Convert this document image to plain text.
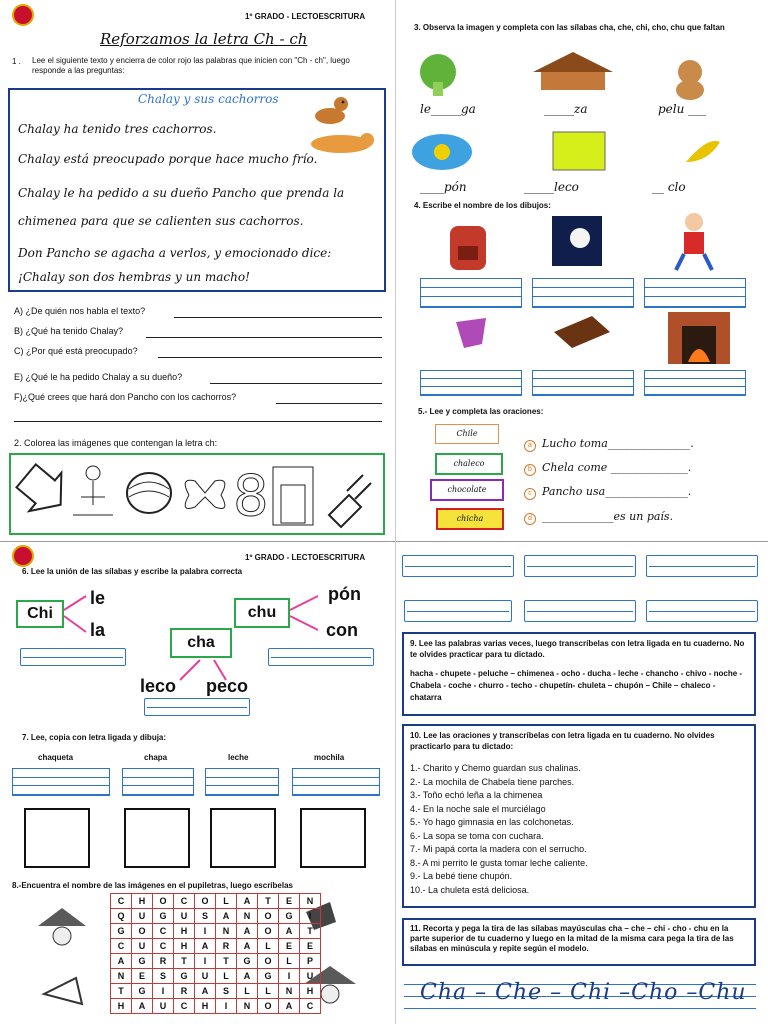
1º GRADO - LECTOESCRITURA
Reforzamos la letra Ch - ch
1 . Lee el siguiente texto y encierra de color rojo las palabras que inicien con "Ch - ch", luego responde a las preguntas:
Chalay y sus cachorros
Chalay ha tenido tres cachorros.
Chalay está preocupado porque hace mucho frío.
Chalay le ha pedido a su dueño Pancho que prenda la
chimenea para que se calienten sus cachorros.
Don Pancho se agacha a verlos, y emocionado dice:
¡Chalay son dos hembras y un macho!
A) ¿De quién nos habla el texto?
B) ¿Qué ha tenido Chalay?
C) ¿Por qué está preocupado?
E) ¿Qué le ha pedido Chalay a su dueño?
F)¿Qué crees que hará don Pancho con los cachorros?
2. Colorea las imágenes que contengan la letra ch:
8
3. Observa la imagen y completa con las sílabas cha, che, chi, cho, chu que faltan
le_____ga	_____za	pelu ___
____pón	_____leco	__ clo
4. Escribe el nombre de los dibujos:
5.- Lee y completa las oraciones:
Chile
chaleco
chocolate
chicha
a Lucho toma_______________.
b Chela come ______________.
c Pancho usa_______________.
d _____________es un país.
1º GRADO - LECTOESCRITURA
6. Lee la unión de las sílabas y escribe la palabra correcta
Chi
le
la
cha
leco peco
chu
pón
con
7. Lee, copia con letra ligada y dibuja:
chaqueta	chapa	leche	mochila
8.-Encuentra el nombre de las imágenes en el pupiletras, luego escríbelas
C	H	O	C	O	L	A	T	E	N
Q	U	G	U	S	A	N	O	G	I
G	O	C	H	I	N	A	O	A	T
C	U	C	H	A	R	A	L	E	E
A	G	R	T	I	T	G	O	L	P
N	E	S	G	U	L	A	G	I	U
T	G	I	R	A	S	L	L	N	H
H	A	U	C	H	I	N	O	A	C
9. Lee las palabras varias veces, luego transcríbelas con letra ligada en tu cuaderno. No te olvides practicar para tu dictado.
hacha - chupete - peluche – chimenea - ocho - ducha - leche - chancho - chivo - noche - Chabela - coche - churro - techo - chupetín- chuleta – chupón – Chile – chaleco - chatarra
10. Lee las oraciones y transcríbelas con letra ligada en tu cuaderno. No olvides practicarlo para tu dictado:
1.- Charito y Chemo guardan sus chalinas.
2.- La mochila de Chabela tiene parches.
3.- Toño echó leña a la chimenea
4.- En la noche sale el murciélago
5.- Yo hago gimnasia en las colchonetas.
6.- La sopa se toma con cuchara.
7.- Mi papá corta la madera con el serrucho.
8.- A mi perrito le gusta tomar leche caliente.
9.- La bebé tiene chupón.
10.- La chuleta está deliciosa.
11. Recorta y pega la tira de las sílabas mayúsculas cha – che – chi - cho - chu en la parte superior de tu cuaderno y luego en la mitad de la misma cara pega la tira de las sílabas en minúscula y repite según el modelo.
Cha – Che – Chi –Cho –Chu
